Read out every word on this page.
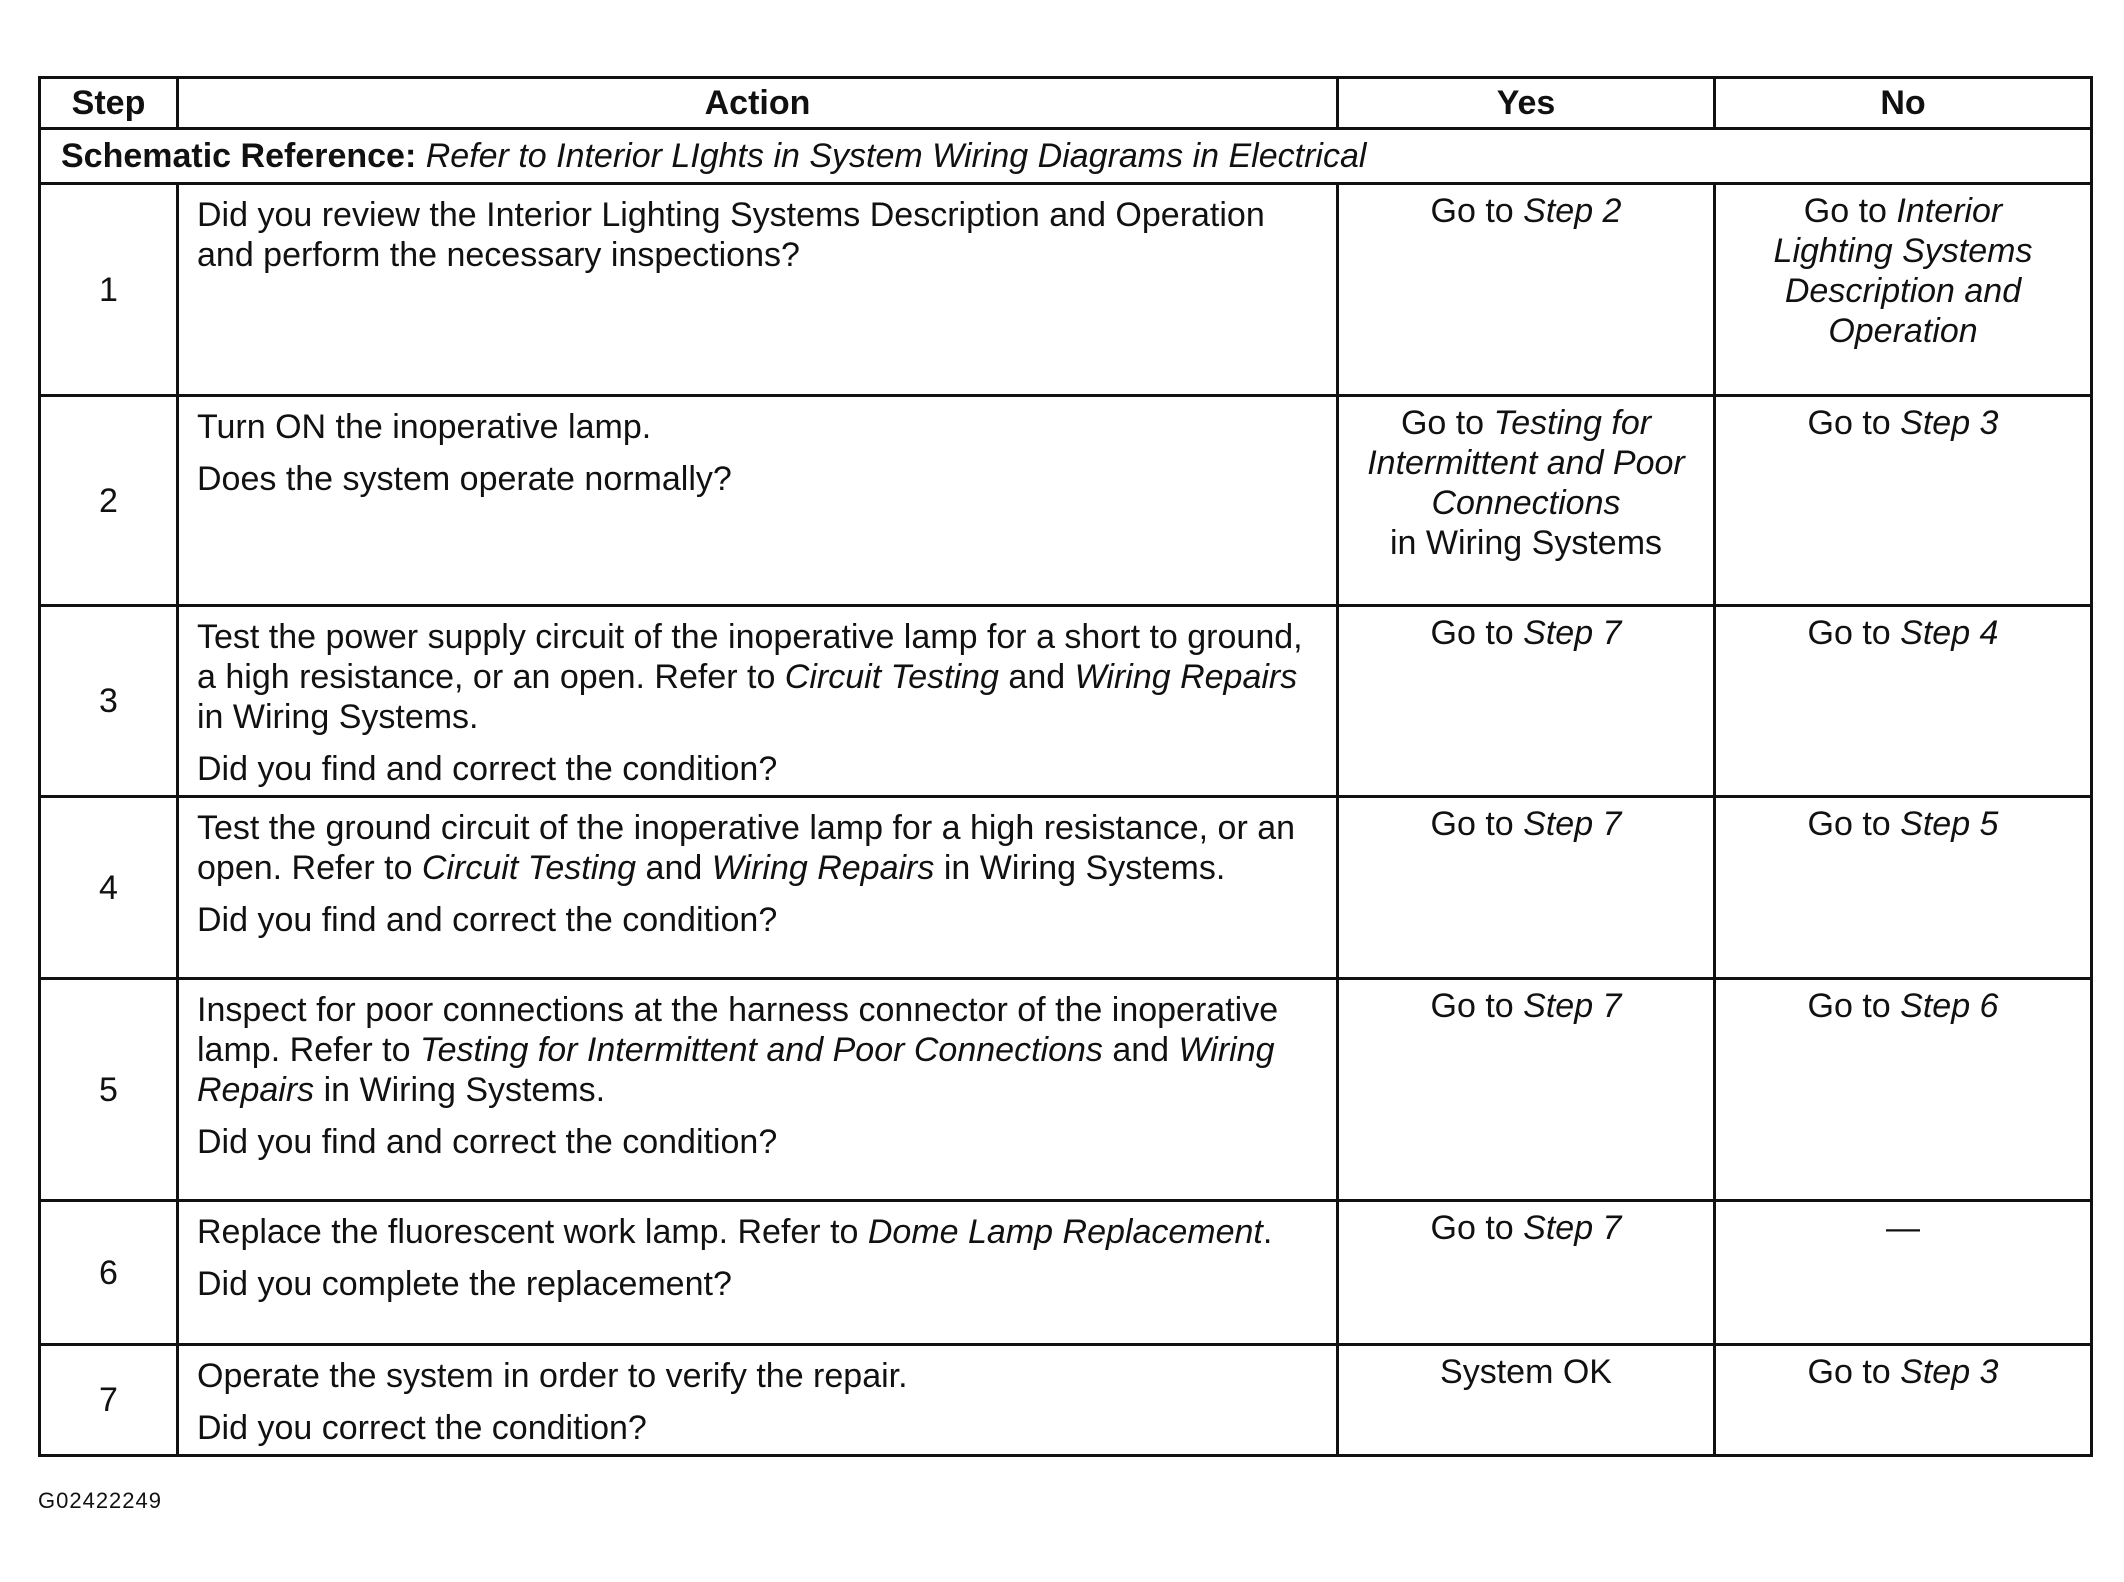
Step	Action	Yes	No
Schematic Reference: Refer to Interior LIghts in System Wiring Diagrams in Electrical			
1	Did you review the Interior Lighting Systems Description and Operation and perform the necessary inspections?	Go to Step 2	Go to Interior Lighting Systems Description and Operation

2	Turn ON the inoperative lamp.
Does the system operate normally?	Go to Testing for Intermittent and Poor Connections
in Wiring Systems	Go to Step 3

3	Test the power supply circuit of the inoperative lamp for a short to ground, a high resistance, or an open. Refer to Circuit Testing and Wiring Repairs in Wiring Systems.
Did you find and correct the condition?	Go to Step 7	Go to Step 4

4	Test the ground circuit of the inoperative lamp for a high resistance, or an open. Refer to Circuit Testing and Wiring Repairs in Wiring Systems.
Did you find and correct the condition?	Go to Step 7	Go to Step 5

5	Inspect for poor connections at the harness connector of the inoperative lamp. Refer to Testing for Intermittent and Poor Connections and Wiring Repairs in Wiring Systems.
Did you find and correct the condition?	Go to Step 7	Go to Step 6

6	Replace the fluorescent work lamp. Refer to Dome Lamp Replacement.
Did you complete the replacement?	Go to Step 7	—

7	Operate the system in order to verify the repair.
Did you correct the condition?	System OK	Go to Step 3
G02422249
